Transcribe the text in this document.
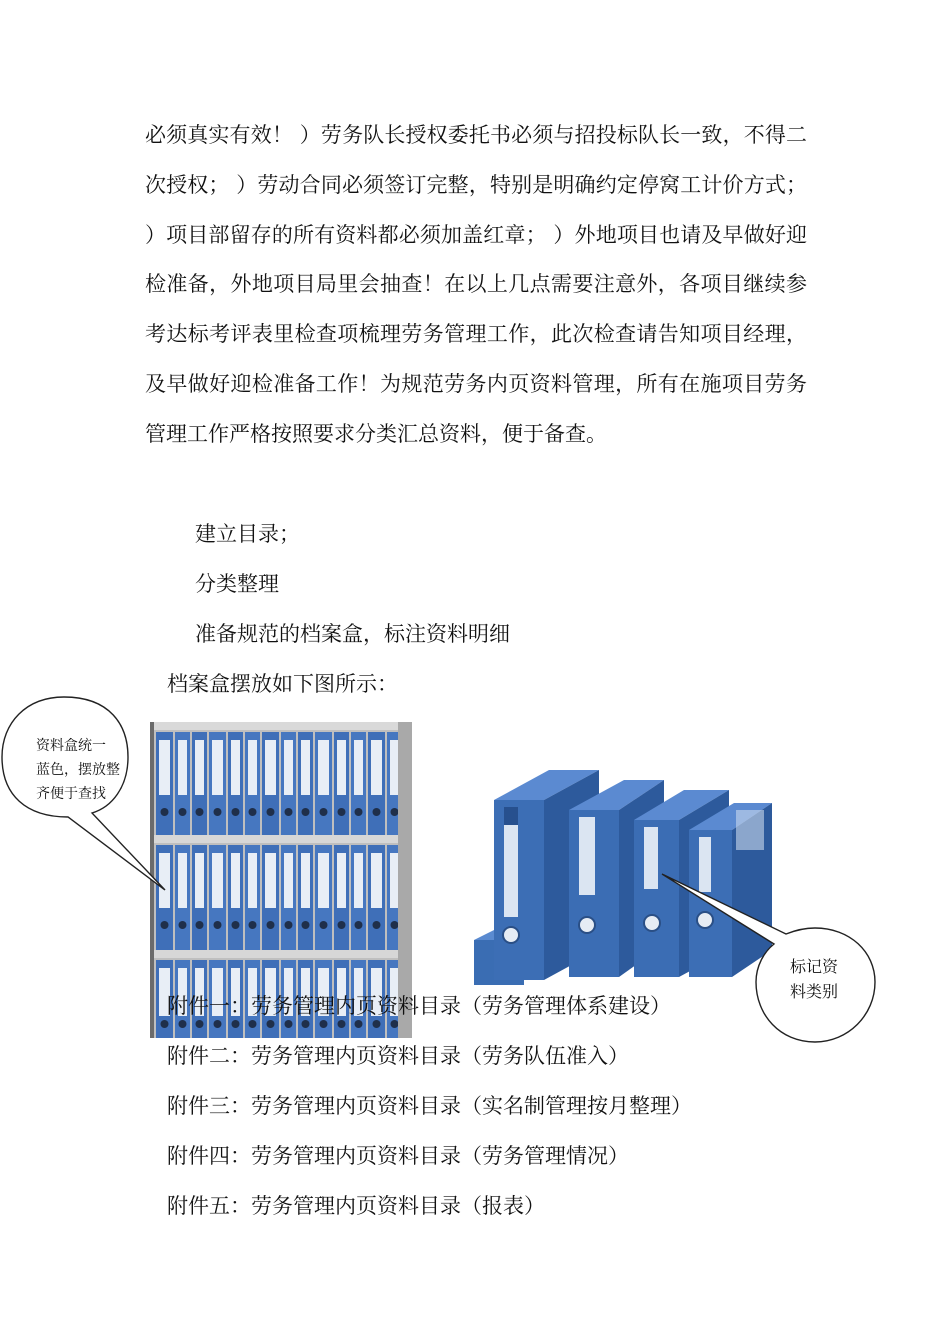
必须真实有效！ ）劳务队长授权委托书必须与招投标队长一致，不得二次授权； ）劳动合同必须签订完整，特别是明确约定停窝工计价方式； ）项目部留存的所有资料都必须加盖红章； ）外地项目也请及早做好迎检准备，外地项目局里会抽查！在以上几点需要注意外，各项目继续参考达标考评表里检查项梳理劳务管理工作，此次检查请告知项目经理，及早做好迎检准备工作！为规范劳务内页资料管理，所有在施项目劳务管理工作严格按照要求分类汇总资料，便于备查。

建立目录；

分类整理

准备规范的档案盒，标注资料明细

档案盒摆放如下图所示：

资料盒统一
蓝色，摆放整
齐便于查找
标记资
料类别

附件一：劳务管理内页资料目录（劳务管理体系建设）

附件二：劳务管理内页资料目录（劳务队伍准入）

附件三：劳务管理内页资料目录（实名制管理按月整理）

附件四：劳务管理内页资料目录（劳务管理情况）

附件五：劳务管理内页资料目录（报表）
